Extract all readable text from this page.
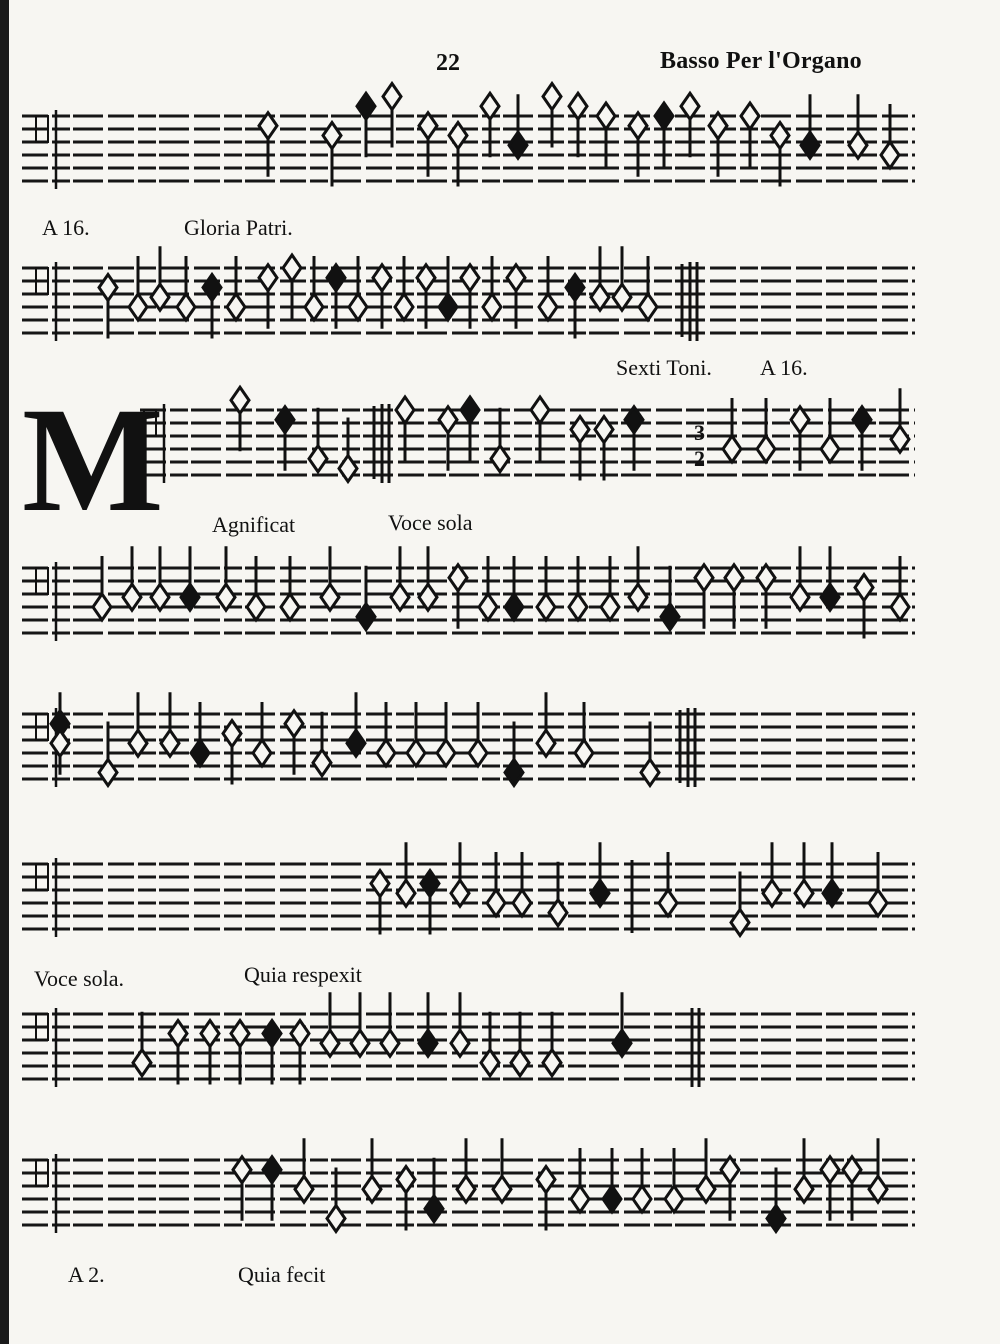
22	Basso Per l'Organo
M
A 16.	Gloria Patri.
Sexti Toni. A 16.
Agnificat	Voce sola
Voce sola.	Quia respexit
A 2.	Quia fecit
3
2
